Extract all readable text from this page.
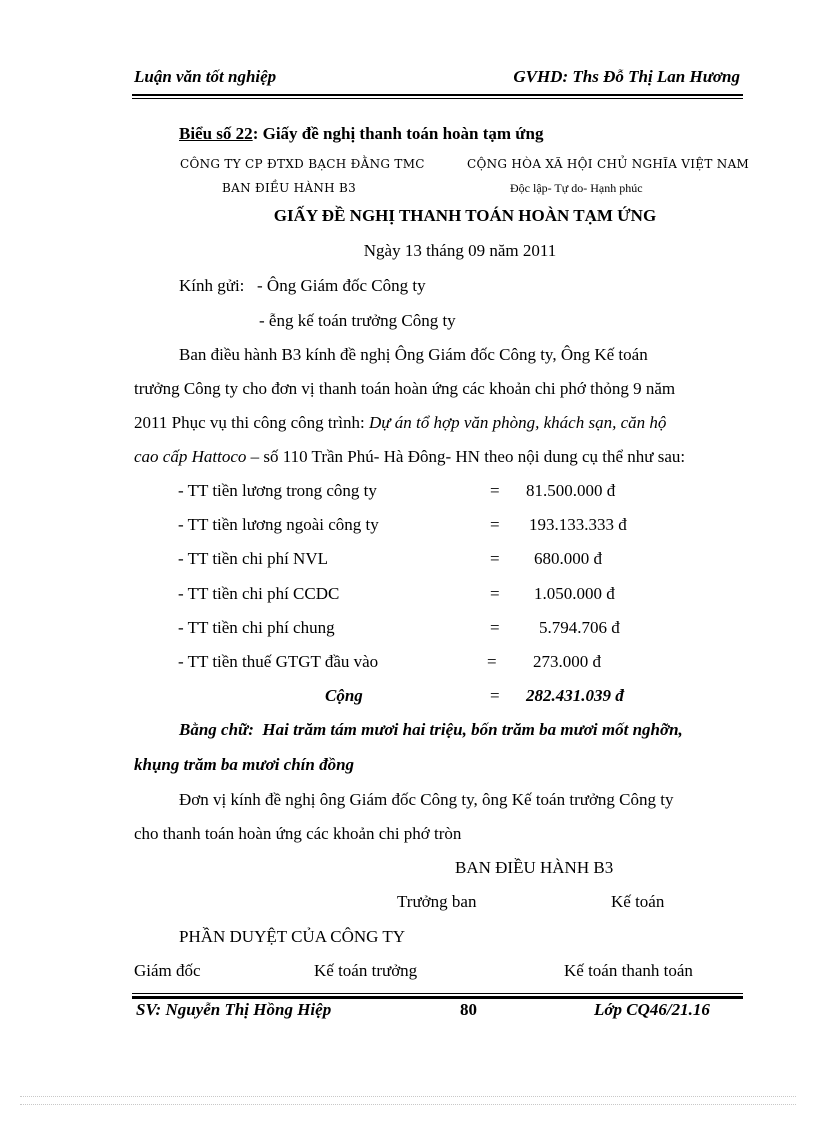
Luận văn tốt nghiệp	GVHD: Ths Đỗ Thị Lan Hương
Biểu số 22: Giấy đề nghị thanh toán hoàn tạm ứng
CÔNG TY CP ĐTXD BẠCH ĐẰNG TMC
BAN ĐIỀU HÀNH B3
CỘNG HÒA XÃ HỘI CHỦ NGHĨA VIỆT NAM
Độc lập- Tự do- Hạnh phúc
GIẤY ĐỀ NGHỊ THANH TOÁN HOÀN TẠM ỨNG
Ngày 13 tháng 09 năm 2011
Kính gửi: - Ông Giám đốc Công ty
- ễng kế toán trưởng Công ty
Ban điều hành B3 kính đề nghị Ông Giám đốc Công ty, Ông Kế toán
trưởng Công ty cho đơn vị thanh toán hoàn ứng các khoản chi phớ thỏng 9 năm
2011 Phục vụ thi công công trình: Dự án tổ hợp văn phòng, khách sạn, căn hộ
cao cấp Hattoco – số 110 Trần Phú- Hà Đông- HN theo nội dung cụ thể như sau:
- TT tiền lương trong công ty	= 81.500.000 đ
- TT tiền lương ngoài công ty	= 193.133.333 đ
- TT tiền chi phí NVL	= 680.000 đ
- TT tiền chi phí CCDC	= 1.050.000 đ
- TT tiền chi phí chung	= 5.794.706 đ
- TT tiền thuế GTGT đầu vào	= 273.000 đ
Cộng	= 282.431.039 đ
Bằng chữ:  Hai trăm tám mươi hai triệu, bốn trăm ba mươi mốt nghỡn,
khụng trăm ba mươi chín đồng
Đơn vị kính đề nghị ông Giám đốc Công ty, ông Kế toán trưởng Công ty
cho thanh toán hoàn ứng các khoản chi phớ tròn
BAN ĐIỀU HÀNH B3
Trưởng ban	Kế toán
PHẦN DUYỆT CỦA CÔNG TY
Giám đốc	Kế toán trưởng	Kế toán thanh toán
SV: Nguyễn Thị Hồng Hiệp	80	Lớp CQ46/21.16
